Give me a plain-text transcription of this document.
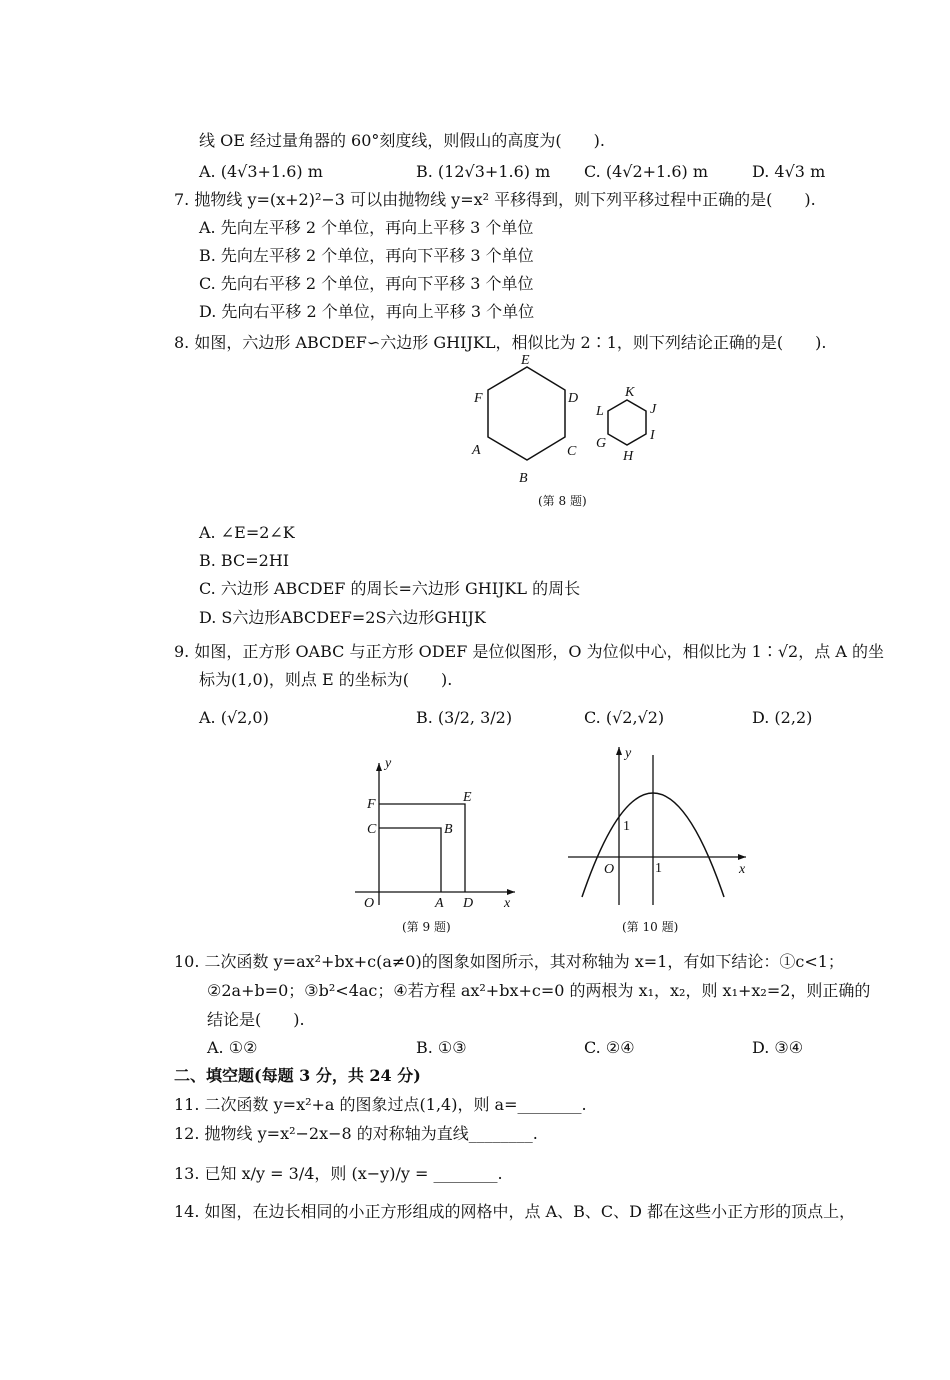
线 OE 经过量角器的 60°刻度线，则假山的高度为(　　).
A. (4√3+1.6) m	B. (12√3+1.6) m C. (4√2+1.6) m	D. 4√3 m
7. 抛物线 y=(x+2)²−3 可以由抛物线 y=x² 平移得到，则下列平移过程中正确的是(　　).
A. 先向左平移 2 个单位，再向上平移 3 个单位
B. 先向左平移 2 个单位，再向下平移 3 个单位
C. 先向右平移 2 个单位，再向下平移 3 个单位
D. 先向右平移 2 个单位，再向上平移 3 个单位
8. 如图，六边形 ABCDEF∽六边形 GHIJKL，相似比为 2∶1，则下列结论正确的是(　　).
E
D
C
B
A
F	K
J
I
H
G
L
(第 8 题)
A. ∠E=2∠K
B. BC=2HI
C. 六边形 ABCDEF 的周长=六边形 GHIJKL 的周长
D. S六边形ABCDEF=2S六边形GHIJK
9. 如图，正方形 OABC 与正方形 ODEF 是位似图形，O 为位似中心，相似比为 1∶√2，点 A 的坐
标为(1,0)，则点 E 的坐标为(　　).
A. (√2,0)	B. (3/2, 3/2)	C. (√2,√2)	D. (2,2)
y
F	E
C	B
O	A D x
(第 9 题)
y
1
O	1	x
(第 10 题)
10. 二次函数 y=ax²+bx+c(a≠0)的图象如图所示，其对称轴为 x=1，有如下结论：①c<1；
②2a+b=0；③b²<4ac；④若方程 ax²+bx+c=0 的两根为 x₁，x₂，则 x₁+x₂=2，则正确的
结论是(　　).
A. ①②	B. ①③	C. ②④	D. ③④
二、填空题(每题 3 分，共 24 分)
11. 二次函数 y=x²+a 的图象过点(1,4)，则 a=________.
12. 抛物线 y=x²−2x−8 的对称轴为直线________.
13. 已知 x/y = 3/4，则 (x−y)/y = ________.
14. 如图，在边长相同的小正方形组成的网格中，点 A、B、C、D 都在这些小正方形的顶点上，
